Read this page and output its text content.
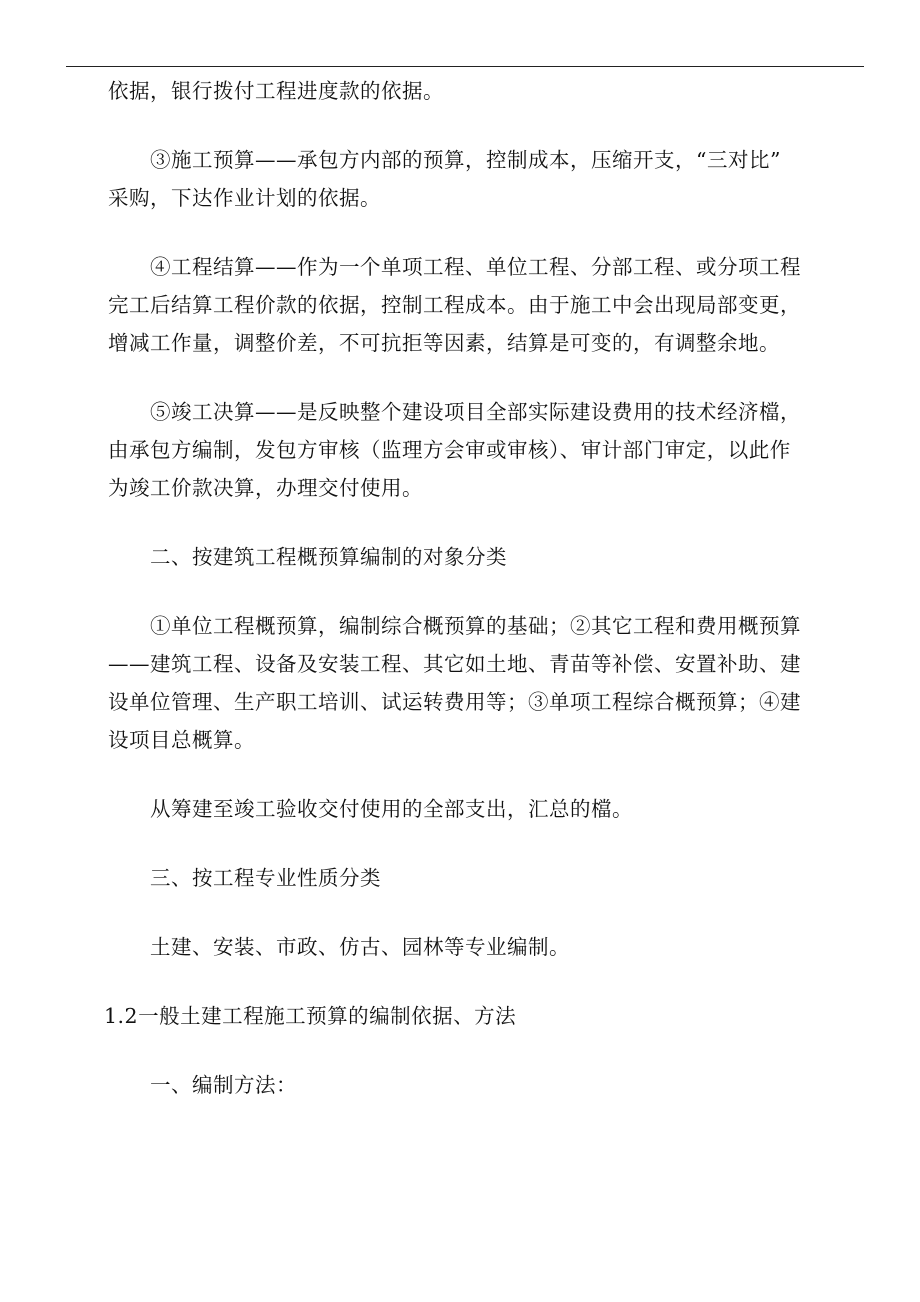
依据，银行拨付工程进度款的依据。

③施工预算——承包方内部的预算，控制成本，压缩开支，“三对比”
采购，下达作业计划的依据。

④工程结算——作为一个单项工程、单位工程、分部工程、或分项工程
完工后结算工程价款的依据，控制工程成本。由于施工中会出现局部变更，
增减工作量，调整价差，不可抗拒等因素，结算是可变的，有调整余地。

⑤竣工决算——是反映整个建设项目全部实际建设费用的技术经济檔，
由承包方编制，发包方审核（监理方会审或审核）、审计部门审定，以此作
为竣工价款决算，办理交付使用。

二、按建筑工程概预算编制的对象分类

①单位工程概预算，编制综合概预算的基础；②其它工程和费用概预算
——建筑工程、设备及安装工程、其它如土地、青苗等补偿、安置补助、建
设单位管理、生产职工培训、试运转费用等；③单项工程综合概预算；④建
设项目总概算。

从筹建至竣工验收交付使用的全部支出，汇总的檔。

三、按工程专业性质分类

土建、安装、市政、仿古、园林等专业编制。

1.2一般土建工程施工预算的编制依据、方法

一、编制方法：
